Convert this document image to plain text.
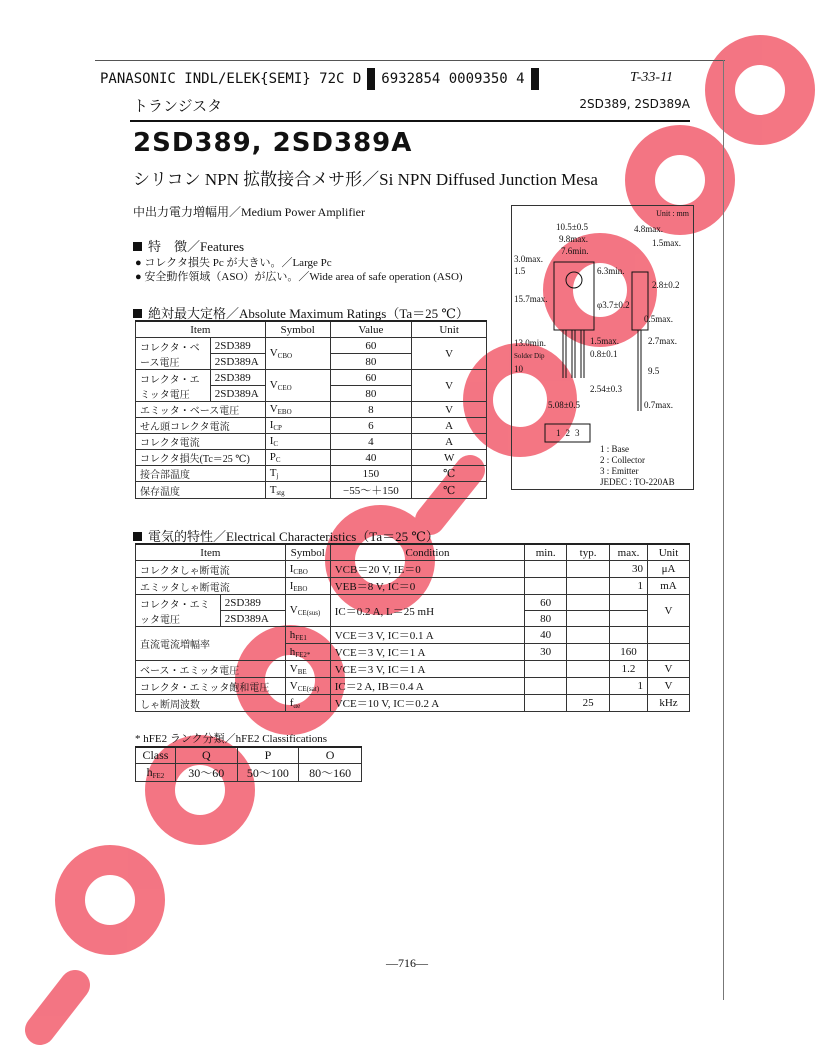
PANASONIC INDL/ELEK{SEMI} 72C D 6932854 0009350 4	T-33-11
トランジスタ	2SD389, 2SD389A
2SD389, 2SD389A
シリコン NPN 拡散接合メサ形／Si NPN Diffused Junction Mesa
中出力電力増幅用／Medium Power Amplifier
特　徴／Features
● コレクタ損失 Pc が大きい。／Large Pc
● 安全動作領域（ASO）が広い。／Wide area of safe operation (ASO)
絶対最大定格／Absolute Maximum Ratings（Ta＝25 ℃）
Item		Symbol	Value	Unit
コレクタ・ベース電圧	2SD389	$V_{CBO}$	60	V
	2SD389A		80	
コレクタ・エミッタ電圧	2SD389	$V_{CEO}$	60	V
	2SD389A		80	
エミッタ・ベース電圧		$V_{EBO}$	8	V
せん頭コレクタ電流		$I_{CP}$	6	A
コレクタ電流		$I_C$	4	A
コレクタ損失(Tc＝25 ℃)		$P_C$	40	W
接合部温度		$T_j$	150	℃
保存温度		$T_{stg}$	−55～＋150	℃
Unit : mm
10.5±0.5
9.8max.
7.6min.
3.0max.
1.5
15.7max.
6.3min.
φ3.7±0.2
4.8max.
1.5max.
2.8±0.2
0.5max.
1.5max.
0.8±0.1
2.7max.
13.0min.
Solder Dip
10	9.5
2.54±0.3
5.08±0.5	0.7max.
123
1 : Base
2 : Collector
3 : Emitter
JEDEC : TO-220AB
電気的特性／Electrical Characteristics（Ta＝25 ℃）
Item		Symbol	Condition	min.	typ.	max.	Unit
コレクタしゃ断電流		$I_{CBO}$	VCB＝20 V, IE＝0			30	μA
エミッタしゃ断電流		$I_{EBO}$	VEB＝8 V, IC＝0			1	mA
コレクタ・エミッタ電圧	2SD389	$V_{CE(sus)}$	IC＝0.2 A, L＝25 mH	60			V
	2SD389A			80			
直流電流増幅率		$h_{FE1}$	VCE＝3 V, IC＝0.1 A	40			
		$h_{FE2*}$	VCE＝3 V, IC＝1 A	30		160	
ベース・エミッタ電圧		$V_{BE}$	VCE＝3 V, IC＝1 A			1.2	V
コレクタ・エミッタ飽和電圧		$V_{CE(sat)}$	IC＝2 A, IB＝0.4 A			1	V
しゃ断周波数		$f_{\alpha e}$	VCE＝10 V, IC＝0.2 A		25		kHz
* hFE2 ランク分類／hFE2 Classifications
Class	Q	P	O
$h_{FE2}$	30～60	50～100	80～160
—716—
